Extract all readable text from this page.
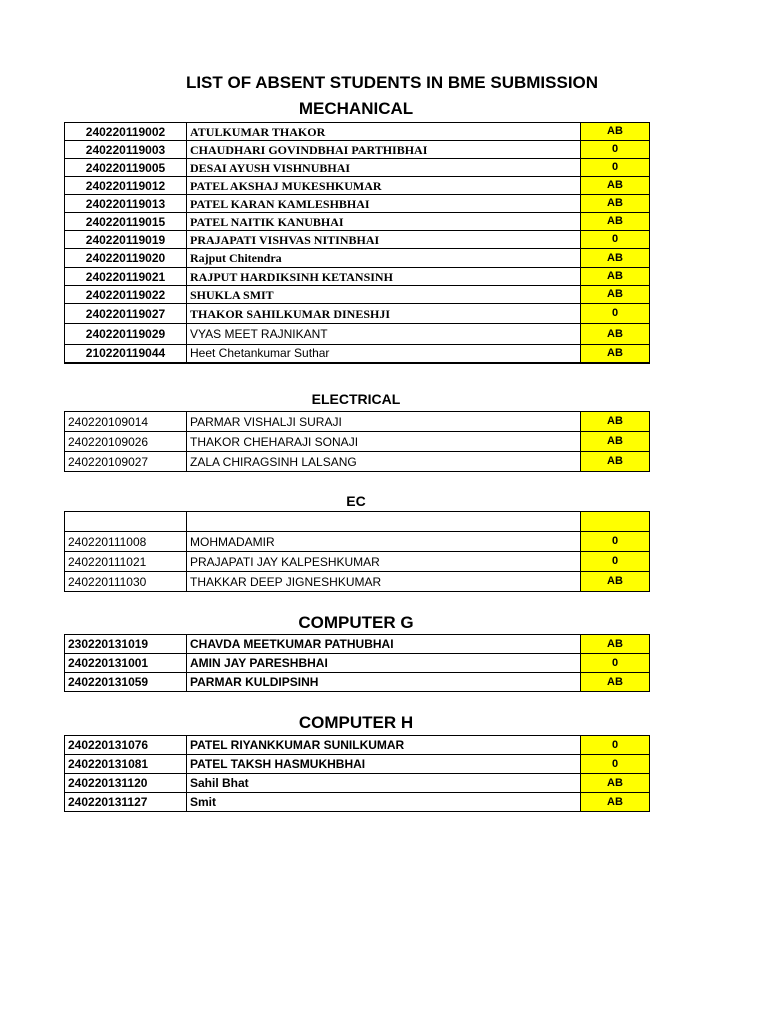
LIST OF ABSENT STUDENTS IN BME SUBMISSION
MECHANICAL
240220119002	ATULKUMAR THAKOR	AB
240220119003	CHAUDHARI GOVINDBHAI PARTHIBHAI	0
240220119005	DESAI AYUSH VISHNUBHAI	0
240220119012	PATEL AKSHAJ MUKESHKUMAR	AB
240220119013	PATEL KARAN KAMLESHBHAI	AB
240220119015	PATEL NAITIK KANUBHAI	AB
240220119019	PRAJAPATI VISHVAS NITINBHAI	0
240220119020	Rajput Chitendra	AB
240220119021	RAJPUT HARDIKSINH KETANSINH	AB
240220119022	SHUKLA SMIT	AB
240220119027	THAKOR SAHILKUMAR DINESHJI	0
240220119029	VYAS MEET RAJNIKANT	AB
210220119044	Heet Chetankumar Suthar	AB
ELECTRICAL
240220109014	PARMAR VISHALJI SURAJI	AB
240220109026	THAKOR CHEHARAJI SONAJI	AB
240220109027	ZALA CHIRAGSINH LALSANG	AB
EC

240220111008	MOHMADAMIR	0
240220111021	PRAJAPATI JAY KALPESHKUMAR	0
240220111030	THAKKAR DEEP JIGNESHKUMAR	AB
COMPUTER G
230220131019	CHAVDA MEETKUMAR PATHUBHAI	AB
240220131001	AMIN JAY PARESHBHAI	0
240220131059	PARMAR KULDIPSINH	AB
COMPUTER H
240220131076	PATEL RIYANKKUMAR SUNILKUMAR	0
240220131081	PATEL TAKSH HASMUKHBHAI	0
240220131120	Sahil Bhat	AB
240220131127	Smit	AB
